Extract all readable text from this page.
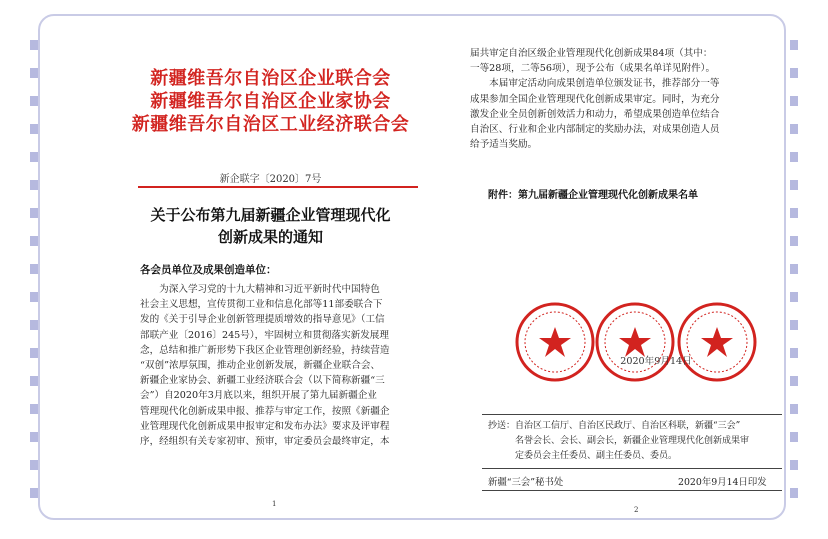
新疆维吾尔自治区企业联合会
新疆维吾尔自治区企业家协会
新疆维吾尔自治区工业经济联合会
新企联字〔2020〕7号
关于公布第九届新疆企业管理现代化
创新成果的通知
各会员单位及成果创造单位：
　　为深入学习党的十九大精神和习近平新时代中国特色
社会主义思想，宣传贯彻工业和信息化部等11部委联合下
发的《关于引导企业创新管理提质增效的指导意见》（工信
部联产业〔2016〕245号），牢固树立和贯彻落实新发展理
念，总结和推广新形势下我区企业管理创新经验，持续营造
“双创”浓厚氛围，推动企业创新发展，新疆企业联合会、
新疆企业家协会、新疆工业经济联合会（以下简称新疆“三
会”）自2020年3月底以来，组织开展了第九届新疆企业
管理现代化创新成果申报、推荐与审定工作，按照《新疆企
业管理现代化创新成果申报审定和发布办法》要求及评审程
序，经组织有关专家初审、预审，审定委员会最终审定，本
1
届共审定自治区级企业管理现代化创新成果84项（其中：
一等28项，二等56项），现予公布（成果名单详见附件）。
　　本届审定活动向成果创造单位颁发证书，推荐部分一等
成果参加全国企业管理现代化创新成果审定。同时，为充分
激发企业全员创新创效活力和动力，希望成果创造单位结合
自治区、行业和企业内部制定的奖励办法，对成果创造人员
给予适当奖励。
附件：第九届新疆企业管理现代化创新成果名单
2020年9月14日
抄送：自治区工信厅、自治区民政厅、自治区科联，新疆“三会”
　　　名誉会长、会长、副会长，新疆企业管理现代化创新成果审
　　　定委员会主任委员、副主任委员、委员。
新疆“三会”秘书处	2020年9月14日印发
2
